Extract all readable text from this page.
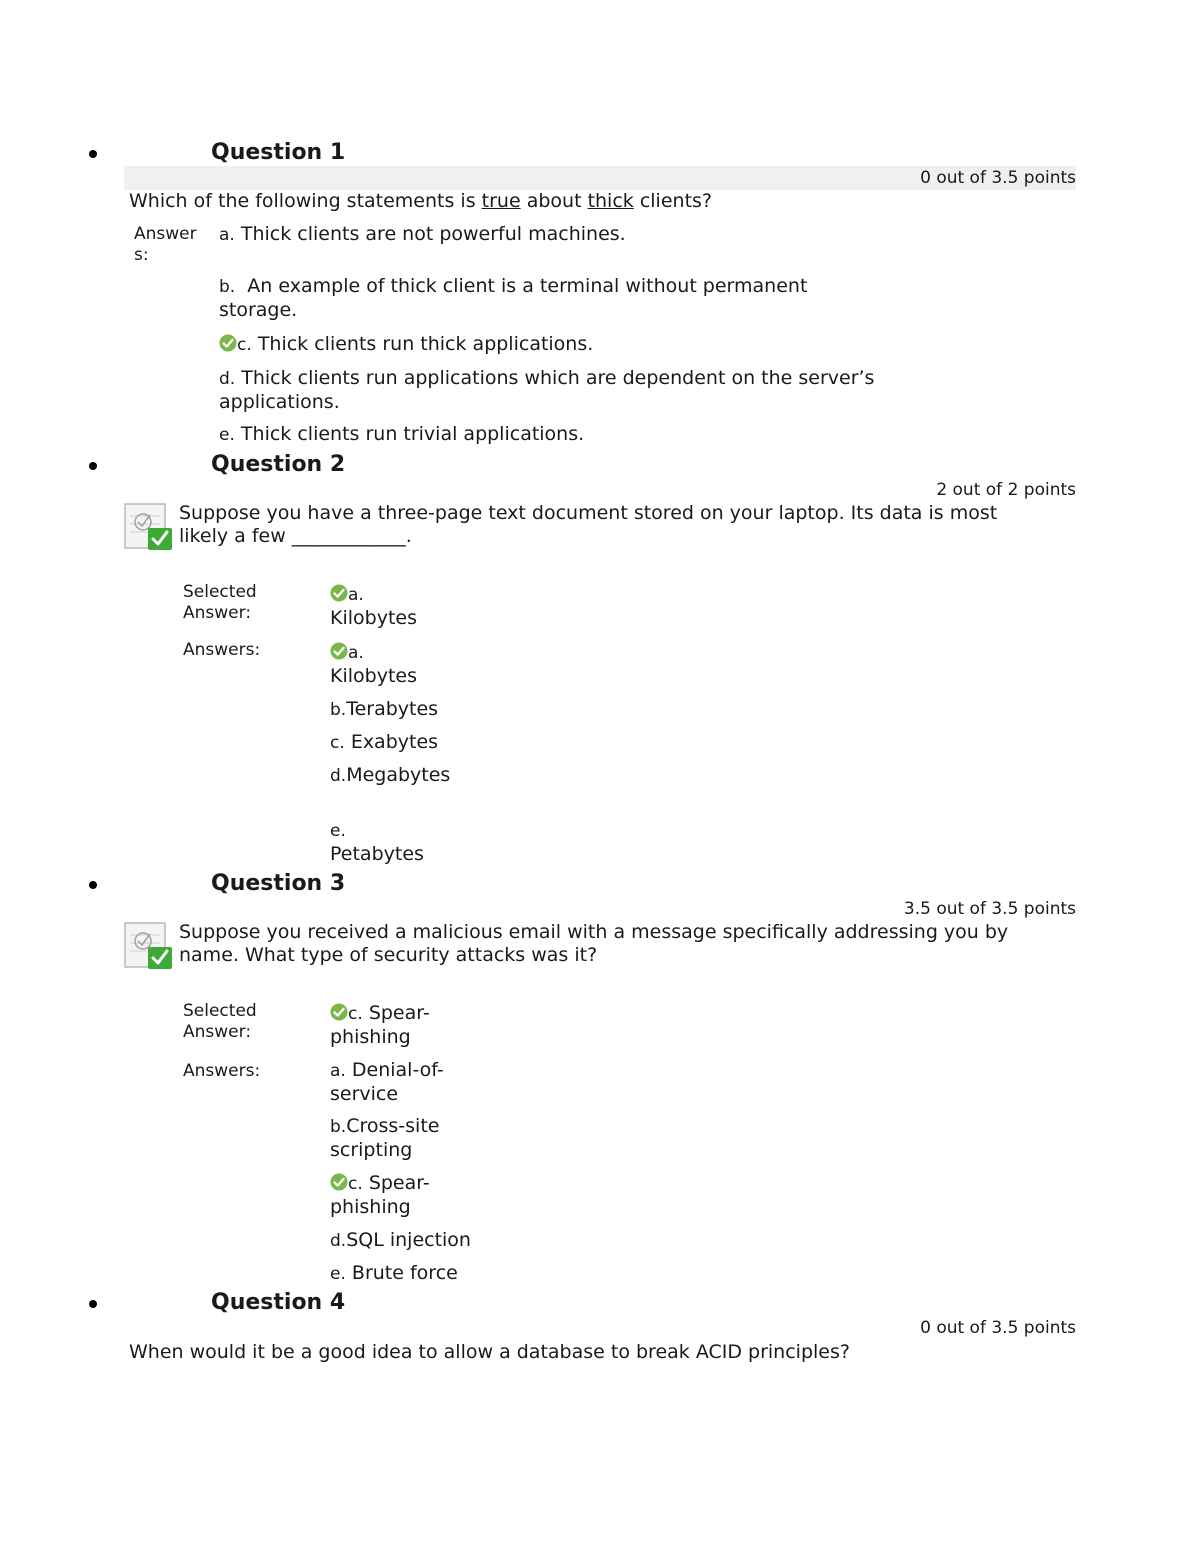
Question 1
0 out of 3.5 points
Which of the following statements is true about thick clients?
Answers:
a. Thick clients are not powerful machines.
b. An example of thick client is a terminal without permanent storage.
c. Thick clients run thick applications.
d. Thick clients run applications which are dependent on the server’s applications.
e. Thick clients run trivial applications.
Question 2
2 out of 2 points
Suppose you have a three-page text document stored on your laptop. Its data is most likely a few ____________.
Selected Answer:
a. Kilobytes
Answers:	a. Kilobytes
b.Terabytes
c. Exabytes
d.Megabytes
e. Petabytes
Question 3
3.5 out of 3.5 points
Suppose you received a malicious email with a message specifically addressing you by name. What type of security attacks was it?
Selected Answer:
c. Spear-phishing
Answers:	a. Denial-of-service
b.Cross-site scripting
c. Spear-phishing
d.SQL injection
e. Brute force
Question 4
0 out of 3.5 points
When would it be a good idea to allow a database to break ACID principles?
